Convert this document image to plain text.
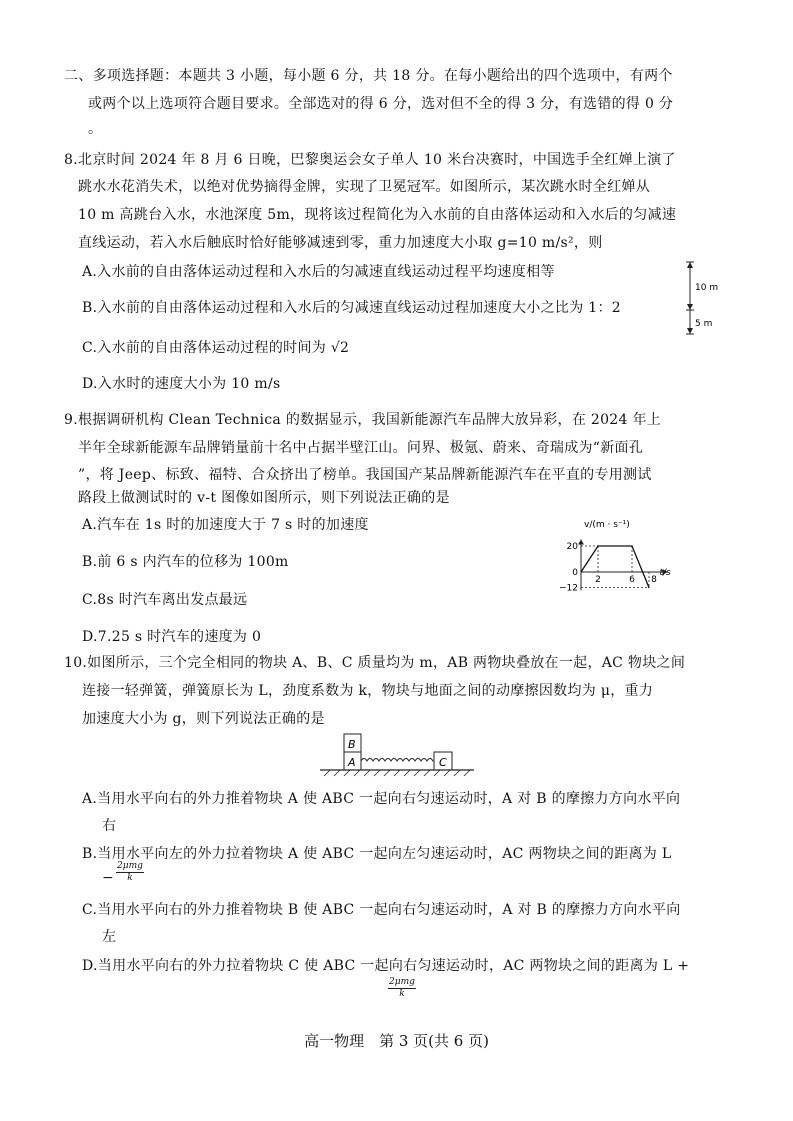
二、多项选择题：本题共 3 小题，每小题 6 分，共 18 分。在每小题给出的四个选项中，有两个
或两个以上选项符合题目要求。全部选对的得 6 分，选对但不全的得 3 分，有选错的得 0 分
。
8.北京时间 2024 年 8 月 6 日晚，巴黎奥运会女子单人 10 米台决赛时，中国选手全红婵上演了
跳水水花消失术，以绝对优势摘得金牌，实现了卫冕冠军。如图所示，某次跳水时全红婵从
10 m 高跳台入水，水池深度 5m，现将该过程简化为入水前的自由落体运动和入水后的匀减速
直线运动，若入水后触底时恰好能够减速到零，重力加速度大小取 g=10 m/s²，则
A.入水前的自由落体运动过程和入水后的匀减速直线运动过程平均速度相等
B.入水前的自由落体运动过程和入水后的匀减速直线运动过程加速度大小之比为 1：2
C.入水前的自由落体运动过程的时间为 √2
D.入水时的速度大小为 10 m/s
10 m
5 m
9.根据调研机构 Clean Technica 的数据显示，我国新能源汽车品牌大放异彩，在 2024 年上
半年全球新能源车品牌销量前十名中占据半壁江山。问界、极氪、蔚来、奇瑞成为“新面孔
”，将 Jeep、标致、福特、合众挤出了榜单。我国国产某品牌新能源汽车在平直的专用测试
路段上做测试时的 v-t 图像如图所示，则下列说法正确的是
A.汽车在 1s 时的加速度大于 7 s 时的加速度
B.前 6 s 内汽车的位移为 100m
C.8s 时汽车离出发点最远
D.7.25 s 时汽车的速度为 0
v/(m · s⁻¹)
t/s
20
0
−12
2	6 8
10.如图所示，三个完全相同的物块 A、B、C 质量均为 m，AB 两物块叠放在一起，AC 物块之间
连接一轻弹簧，弹簧原长为 L，劲度系数为 k，物块与地面之间的动摩擦因数均为 μ，重力
加速度大小为 g，则下列说法正确的是
B
A	C
A.当用水平向右的外力推着物块 A 使 ABC 一起向右匀速运动时，A 对 B 的摩擦力方向水平向
右
B.当用水平向左的外力拉着物块 A 使 ABC 一起向左匀速运动时，AC 两物块之间的距离为 L
−
2μmg
k
C.当用水平向右的外力推着物块 B 使 ABC 一起向右匀速运动时，A 对 B 的摩擦力方向水平向
左
D.当用水平向右的外力拉着物块 C 使 ABC 一起向右匀速运动时，AC 两物块之间的距离为 L +
2μmg
k
高一物理　第 3 页(共 6 页)
